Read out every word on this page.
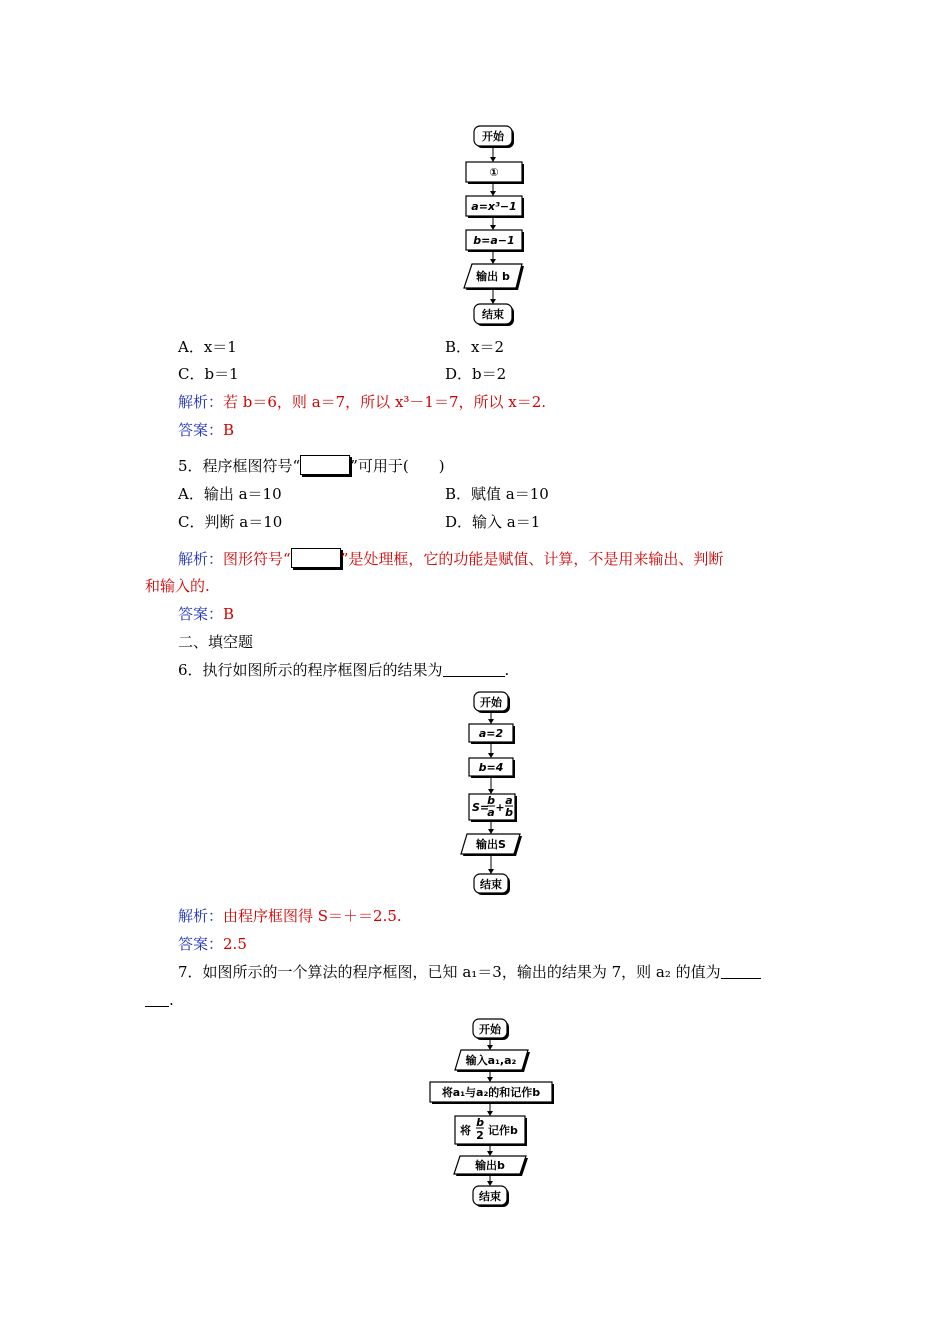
开始
①
a=x³−1
b=a−1
输出 b
结束
A．x＝1	B．x＝2
C．b＝1	D．b＝2
解析：若 b＝6，则 a＝7，所以 x³－1＝7，所以 x＝2.
答案：B
5．程序框图符号“	”可用于(　　)
A．输出 a＝10	B．赋值 a＝10
C．判断 a＝10	D．输入 a＝1
解析：图形符号“	”是处理框，它的功能是赋值、计算，不是用来输出、判断
和输入的.
答案：B
二、填空题
6．执行如图所示的程序框图后的结果为	.
开始
a=2
b=4
S=
b
a +
a
b
输出S
结束
解析：由程序框图得 S＝＋＝2.5.
答案：2.5
7．如图所示的一个算法的程序框图，已知 a₁＝3，输出的结果为 7，则 a₂ 的值为
.
开始
输入a₁,a₂
将a₁与a₂的和记作b
将
b
2 记作b
输出b
结束
